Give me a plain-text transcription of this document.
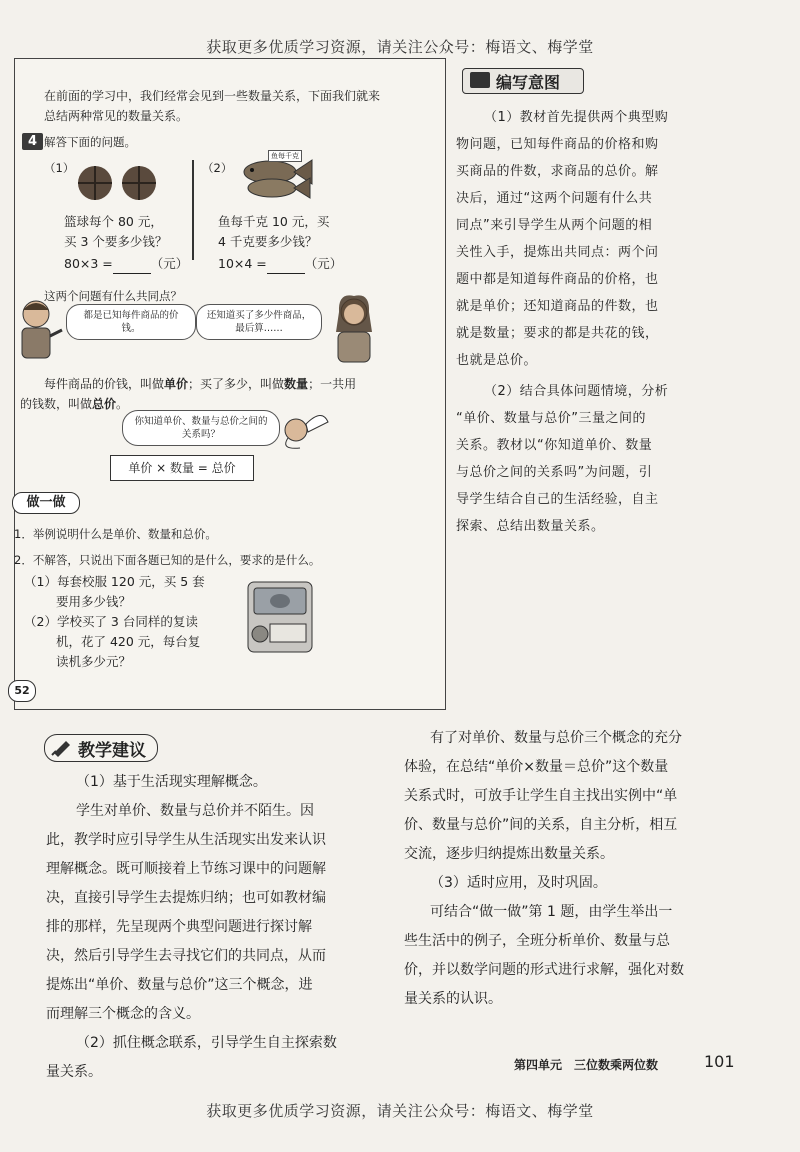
获取更多优质学习资源，请关注公众号：梅语文、梅学堂
获取更多优质学习资源，请关注公众号：梅语文、梅学堂
在前面的学习中，我们经常会见到一些数量关系，下面我们就来总结两种常见的数量关系。
4 解答下面的问题。
（1）
篮球每个 80 元，
买 3 个要多少钱？
80×3 =	（元）
（2）
鱼每千克
鱼每千克 10 元，买
4 千克要多少钱？
10×4 =	（元）
这两个问题有什么共同点？
都是已知每件商品的价钱。
还知道买了多少件商品，最后算……
每件商品的价钱，叫做单价；买了多少，叫做数量；一共用
的钱数，叫做总价。
你知道单价、数量与总价之间的关系吗？
单价 × 数量 = 总价
做一做
1．举例说明什么是单价、数量和总价。
2．不解答，只说出下面各题已知的是什么，要求的是什么。
（1）每套校服 120 元，买 5 套
要用多少钱？
（2）学校买了 3 台同样的复读
机，花了 420 元，每台复
读机多少元？
52
编写意图
（1）教材首先提供两个典型购
物问题，已知每件商品的价格和购
买商品的件数，求商品的总价。解
决后，通过“这两个问题有什么共
同点”来引导学生从两个问题的相
关性入手，提炼出共同点：两个问
题中都是知道每件商品的价格，也
就是单价；还知道商品的件数，也
就是数量；要求的都是共花的钱，
也就是总价。
（2）结合具体问题情境，分析
“单价、数量与总价”三量之间的
关系。教材以“你知道单价、数量
与总价之间的关系吗”为问题，引
导学生结合自己的生活经验，自主
探索、总结出数量关系。
教学建议
（1）基于生活现实理解概念。
学生对单价、数量与总价并不陌生。因
此，教学时应引导学生从生活现实出发来认识
理解概念。既可顺接着上节练习课中的问题解
决，直接引导学生去提炼归纳；也可如教材编
排的那样，先呈现两个典型问题进行探讨解
决，然后引导学生去寻找它们的共同点，从而
提炼出“单价、数量与总价”这三个概念，进
而理解三个概念的含义。
（2）抓住概念联系，引导学生自主探索数
量关系。
有了对单价、数量与总价三个概念的充分
体验，在总结“单价×数量＝总价”这个数量
关系式时，可放手让学生自主找出实例中“单
价、数量与总价”间的关系，自主分析，相互
交流，逐步归纳提炼出数量关系。
（3）适时应用，及时巩固。
可结合“做一做”第 1 题，由学生举出一
些生活中的例子，全班分析单价、数量与总
价，并以数学问题的形式进行求解，强化对数
量关系的认识。
第四单元　三位数乘两位数	101
